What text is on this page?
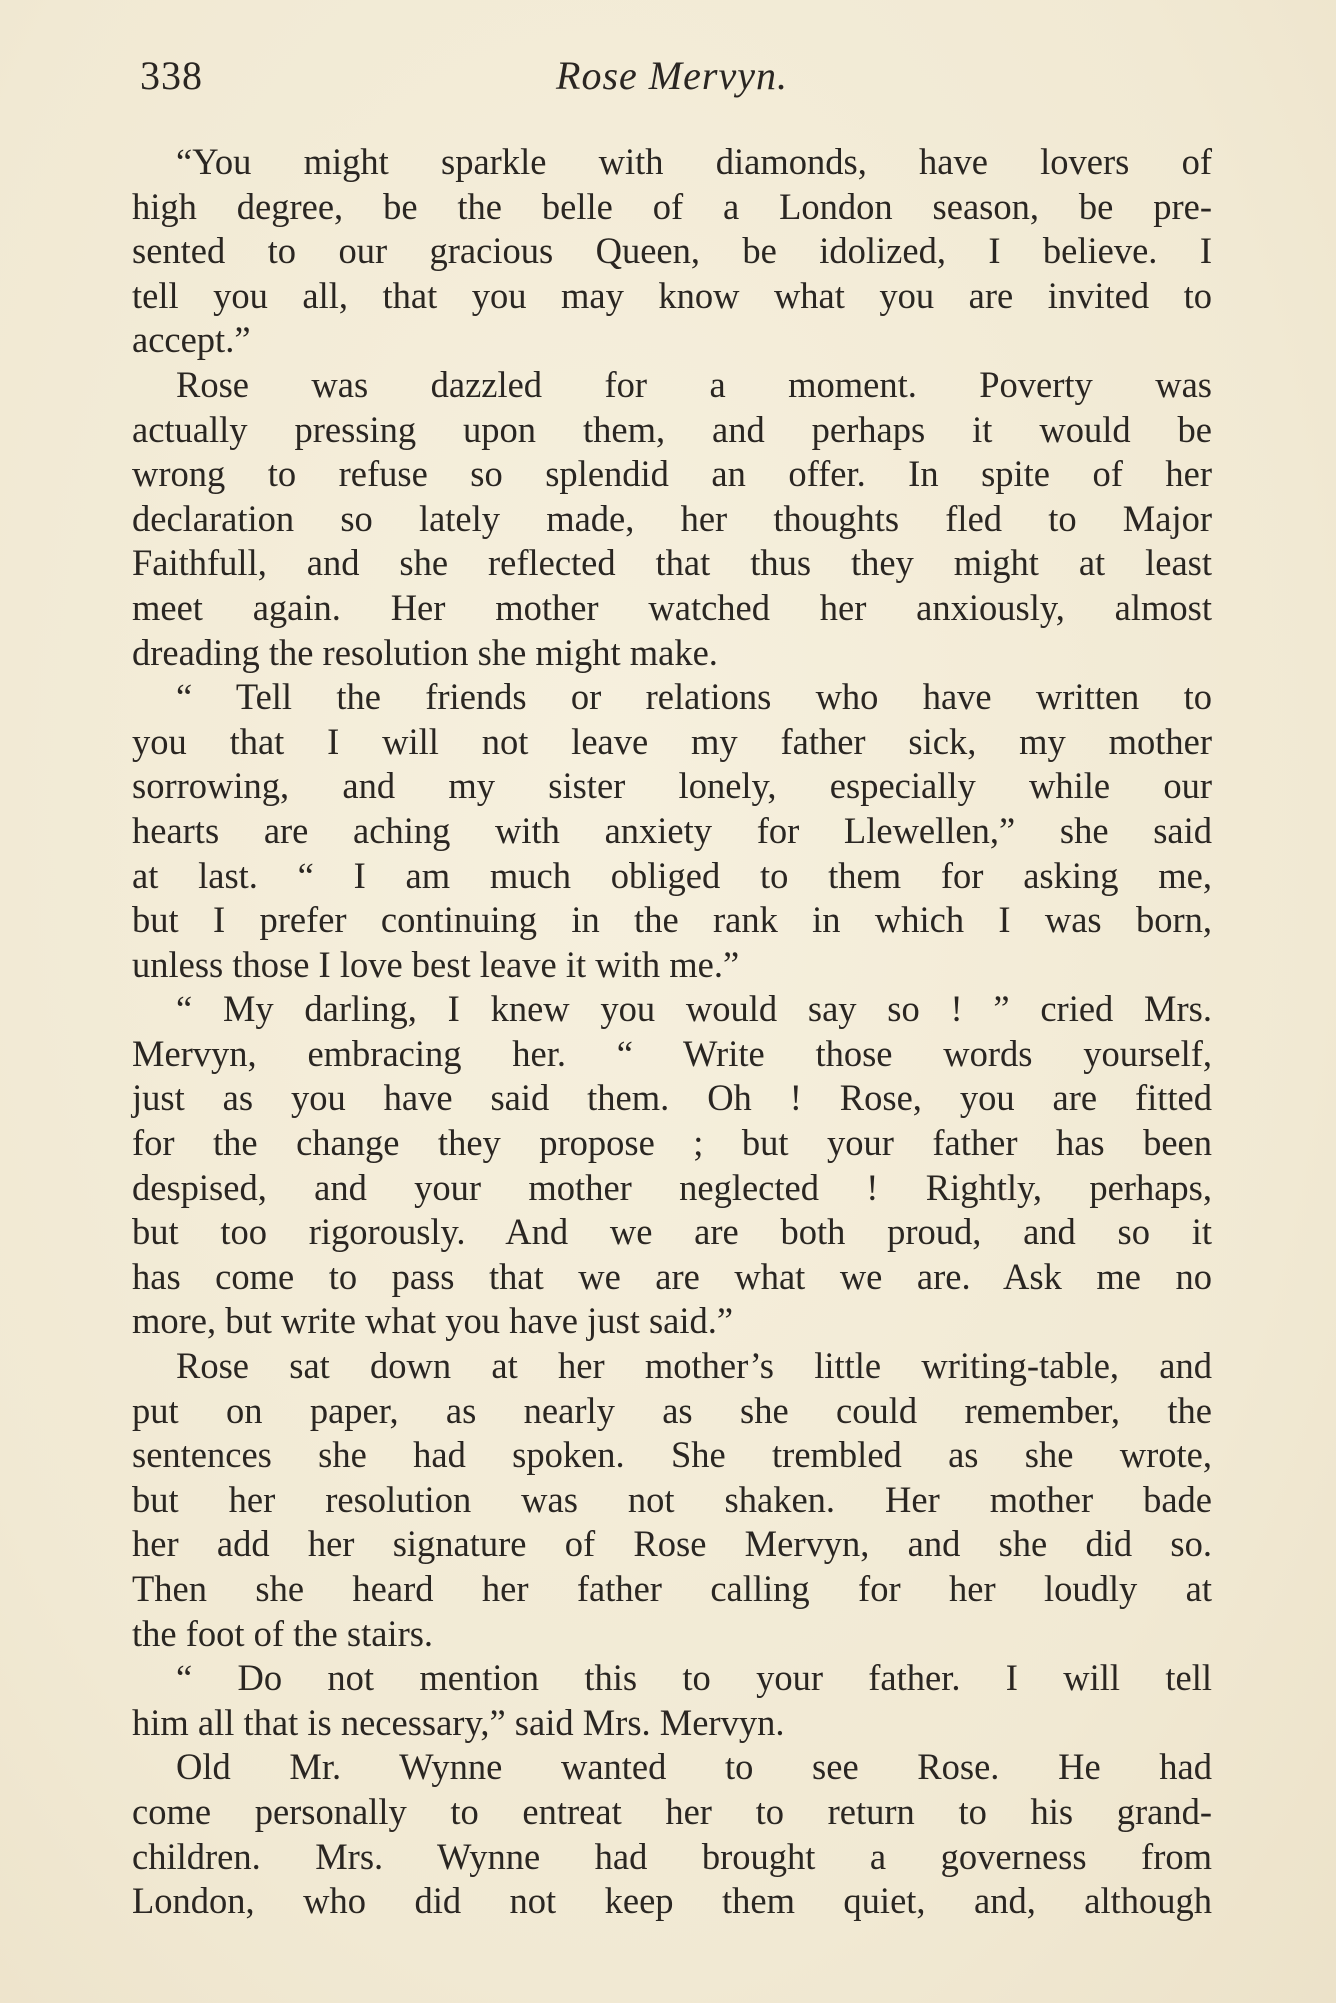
338	Rose Mervyn.
“You might sparkle with diamonds, have lovers of
high degree, be the belle of a London season, be pre-
sented to our gracious Queen, be idolized, I believe. I
tell you all, that you may know what you are invited to
accept.”
Rose was dazzled for a moment. Poverty was
actually pressing upon them, and perhaps it would be
wrong to refuse so splendid an offer. In spite of her
declaration so lately made, her thoughts fled to Major
Faithfull, and she reflected that thus they might at least
meet again. Her mother watched her anxiously, almost
dreading the resolution she might make.
“ Tell the friends or relations who have written to
you that I will not leave my father sick, my mother
sorrowing, and my sister lonely, especially while our
hearts are aching with anxiety for Llewellen,” she said
at last. “ I am much obliged to them for asking me,
but I prefer continuing in the rank in which I was born,
unless those I love best leave it with me.”
“ My darling, I knew you would say so ! ” cried Mrs.
Mervyn, embracing her. “ Write those words yourself,
just as you have said them. Oh ! Rose, you are fitted
for the change they propose ; but your father has been
despised, and your mother neglected ! Rightly, perhaps,
but too rigorously. And we are both proud, and so it
has come to pass that we are what we are. Ask me no
more, but write what you have just said.”
Rose sat down at her mother’s little writing-table, and
put on paper, as nearly as she could remember, the
sentences she had spoken. She trembled as she wrote,
but her resolution was not shaken. Her mother bade
her add her signature of Rose Mervyn, and she did so.
Then she heard her father calling for her loudly at
the foot of the stairs.
“ Do not mention this to your father. I will tell
him all that is necessary,” said Mrs. Mervyn.
Old Mr. Wynne wanted to see Rose. He had
come personally to entreat her to return to his grand-
children. Mrs. Wynne had brought a governess from
London, who did not keep them quiet, and, although
